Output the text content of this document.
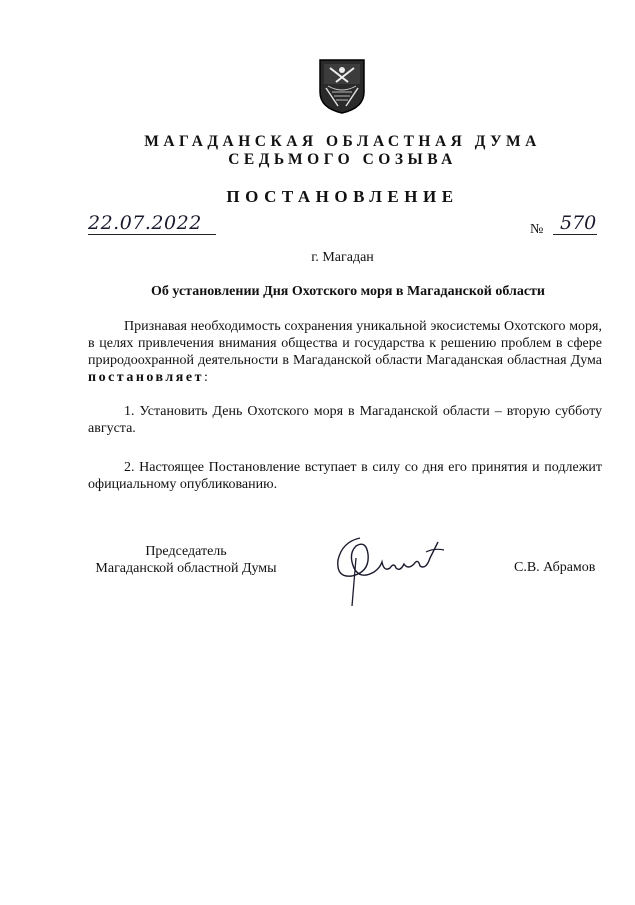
МАГАДАНСКАЯ ОБЛАСТНАЯ ДУМА
СЕДЬМОГО СОЗЫВА
ПОСТАНОВЛЕНИЕ
22.07.2022	№ 570
г. Магадан
Об установлении Дня Охотского моря в Магаданской области
Признавая необходимость сохранения уникальной экосистемы Охотского моря, в целях привлечения внимания общества и государства к решению проблем в сфере природоохранной деятельности в Магаданской области Магаданская областная Дума постановляет:
1. Установить День Охотского моря в Магаданской области – вторую субботу августа.
2. Настоящее Постановление вступает в силу со дня его принятия и подлежит официальному опубликованию.
Председатель
Магаданской областной Думы	С.В. Абрамов
